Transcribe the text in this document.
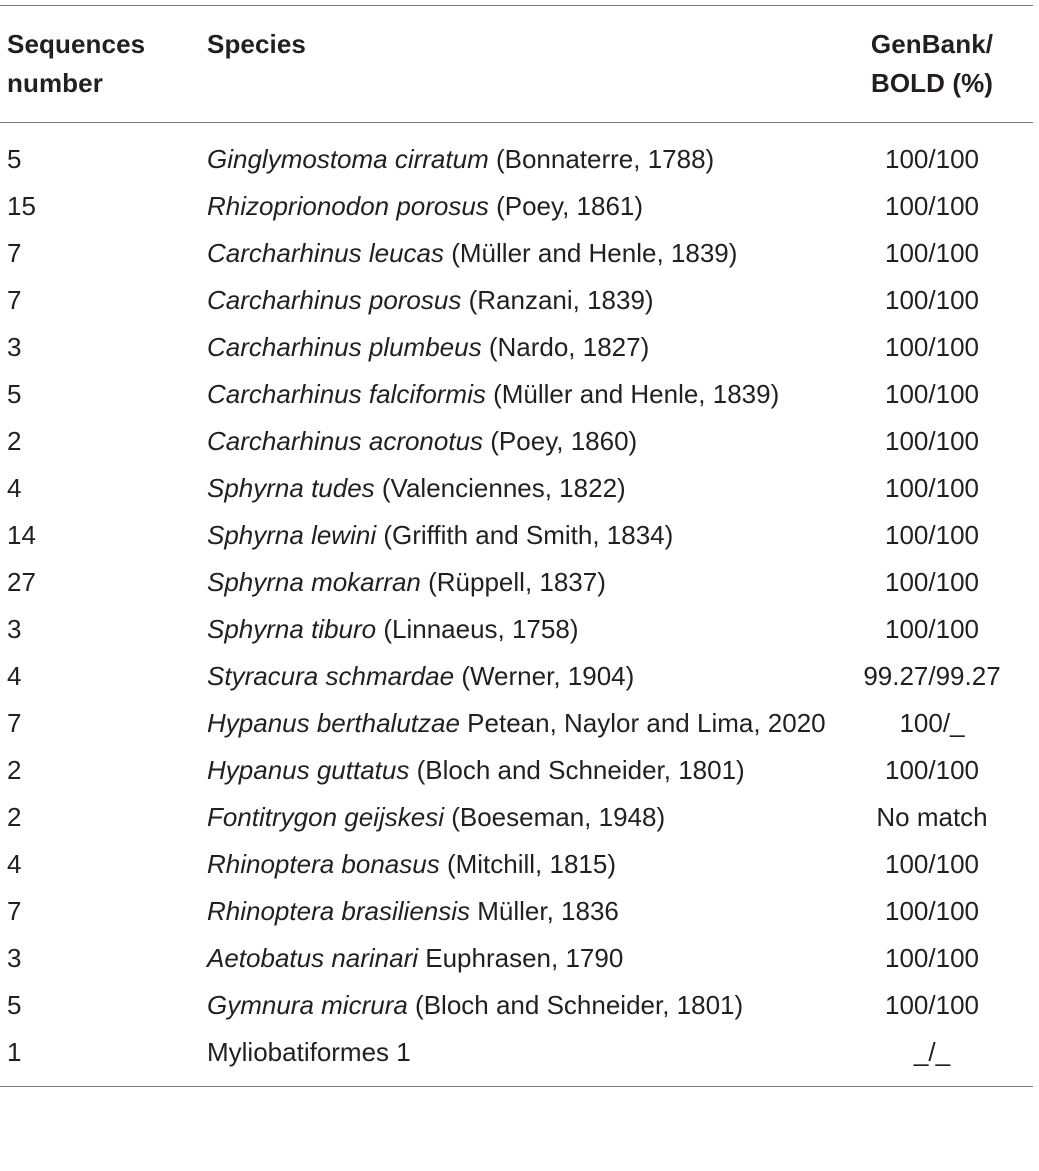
Sequences
number	Species	GenBank/
BOLD (%)
5	Ginglymostoma cirratum (Bonnaterre, 1788)	100/100
15	Rhizoprionodon porosus (Poey, 1861)	100/100
7	Carcharhinus leucas (Müller and Henle, 1839)	100/100
7	Carcharhinus porosus (Ranzani, 1839)	100/100
3	Carcharhinus plumbeus (Nardo, 1827)	100/100
5	Carcharhinus falciformis (Müller and Henle, 1839)	100/100
2	Carcharhinus acronotus (Poey, 1860)	100/100
4	Sphyrna tudes (Valenciennes, 1822)	100/100
14	Sphyrna lewini (Griffith and Smith, 1834)	100/100
27	Sphyrna mokarran (Rüppell, 1837)	100/100
3	Sphyrna tiburo (Linnaeus, 1758)	100/100
4	Styracura schmardae (Werner, 1904)	99.27/99.27
7	Hypanus berthalutzae Petean, Naylor and Lima, 2020	100/_
2	Hypanus guttatus (Bloch and Schneider, 1801)	100/100
2	Fontitrygon geijskesi (Boeseman, 1948)	No match
4	Rhinoptera bonasus (Mitchill, 1815)	100/100
7	Rhinoptera brasiliensis Müller, 1836	100/100
3	Aetobatus narinari Euphrasen, 1790	100/100
5	Gymnura micrura (Bloch and Schneider, 1801)	100/100
1	Myliobatiformes 1	_/_
